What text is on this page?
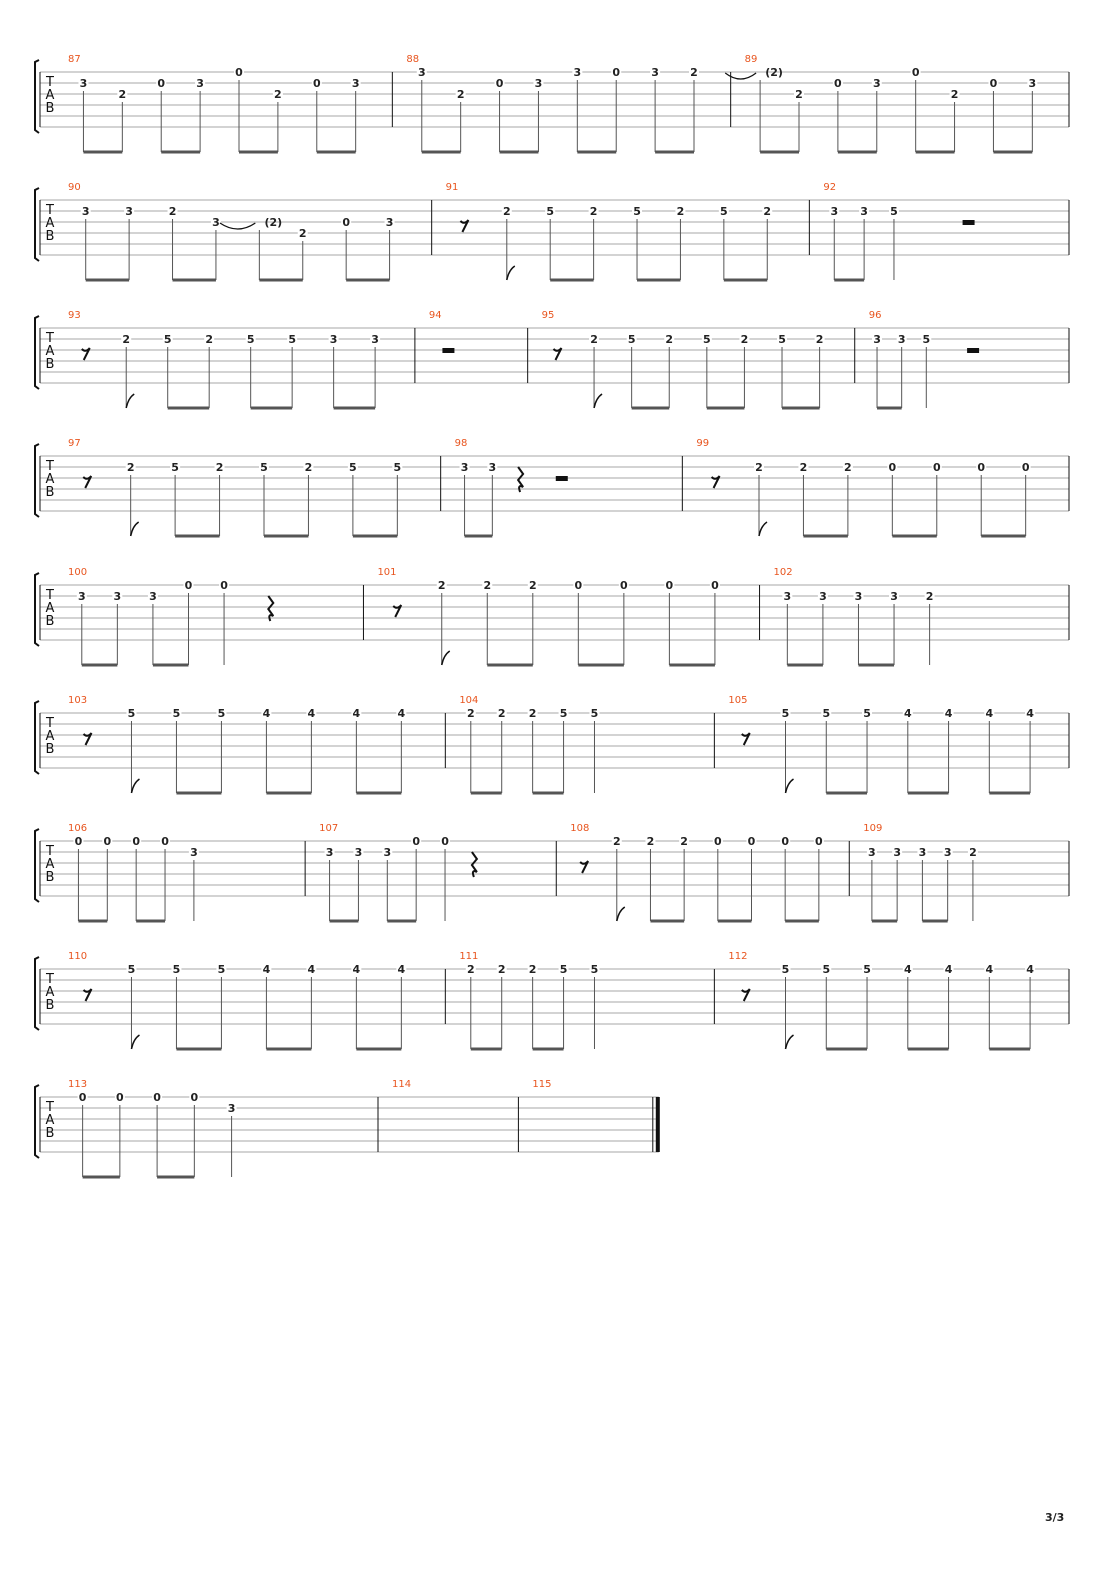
T
A
B
87
3
2
0	3
0
2
0	3
88
3
2
0	3
3	0	3	2
89
(2)
2
0	3
0
2
0	3
T
A
B
90
3	3	2
3	(2)
2
0	3
91
2	5	2	5	2	5	2
92
3 3 5
T
A
B
93
2	5	2	5	5	3	3
94	95
2	5	2	5	2	5	2
96
3 3 5
T
A
B
97
2	5	2	5	2	5	5
98
3 3
99
2	2	2	0	0	0	0
T
A
B
100
3	3	3
0	0
101
2	2	2	0	0	0	0
102
3	3	3	3	2
T
A
B
103
5	5	5	4	4	4	4
104
2 2 2 5 5
105
5	5	5	4	4	4	4
T
A
B
106
0 0 0 0
3
107
3 3 3
0 0
108
2 2 2 0 0 0 0
109
3 3 3 3 2
T
A
B
110
5	5	5	4	4	4	4
111
2 2 2 5 5
112
5	5	5	4	4	4	4
T
A
B
113
0	0	0	0
3
114	115
3/3
